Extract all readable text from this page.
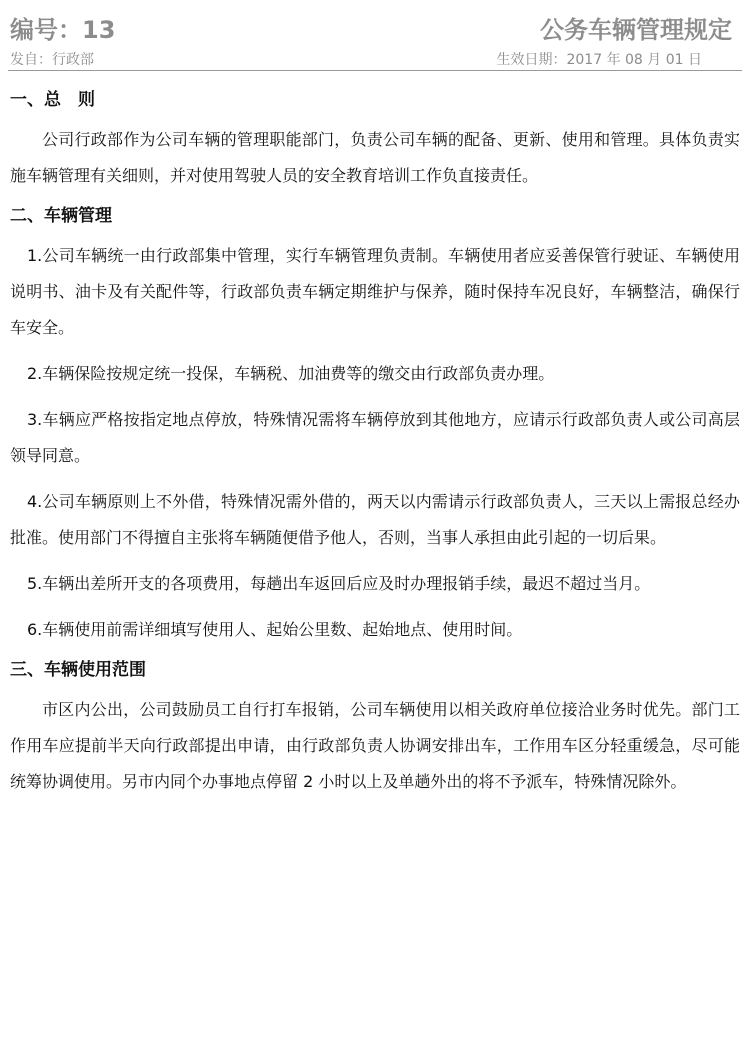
编号：13	公务车辆管理规定
发自：行政部	生效日期：2017 年 08 月 01 日
一、总　则

公司行政部作为公司车辆的管理职能部门，负责公司车辆的配备、更新、使用和管理。具体负责实施车辆管理有关细则，并对使用驾驶人员的安全教育培训工作负直接责任。

二、车辆管理

1.公司车辆统一由行政部集中管理，实行车辆管理负责制。车辆使用者应妥善保管行驶证、车辆使用说明书、油卡及有关配件等，行政部负责车辆定期维护与保养，随时保持车况良好，车辆整洁，确保行车安全。

2.车辆保险按规定统一投保，车辆税、加油费等的缴交由行政部负责办理。

3.车辆应严格按指定地点停放，特殊情况需将车辆停放到其他地方，应请示行政部负责人或公司高层领导同意。

4.公司车辆原则上不外借，特殊情况需外借的，两天以内需请示行政部负责人，三天以上需报总经办批准。使用部门不得擅自主张将车辆随便借予他人，否则，当事人承担由此引起的一切后果。

5.车辆出差所开支的各项费用，每趟出车返回后应及时办理报销手续，最迟不超过当月。

6.车辆使用前需详细填写使用人、起始公里数、起始地点、使用时间。

三、车辆使用范围

市区内公出，公司鼓励员工自行打车报销，公司车辆使用以相关政府单位接洽业务时优先。部门工作用车应提前半天向行政部提出申请，由行政部负责人协调安排出车，工作用车区分轻重缓急，尽可能统筹协调使用。另市内同个办事地点停留 2 小时以上及单趟外出的将不予派车，特殊情况除外。
